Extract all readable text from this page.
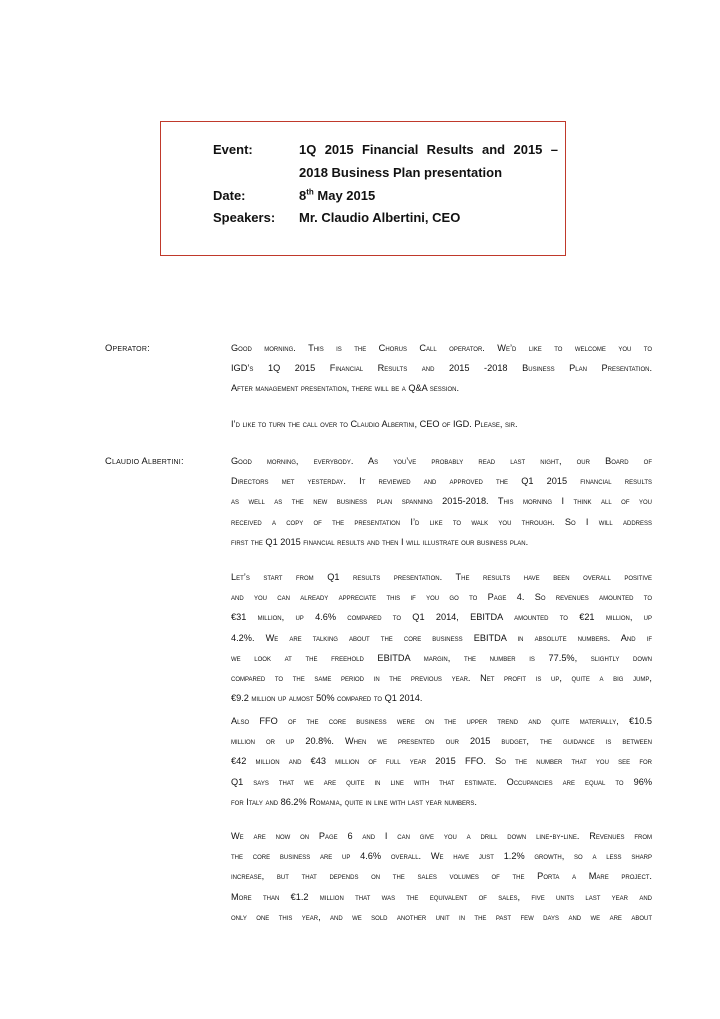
Event:	1Q 2015 Financial Results and 2015 –
2018 Business Plan presentation
Date:	8th May 2015
Speakers: Mr. Claudio Albertini, CEO
Operator:	Good morning. This is the Chorus Call operator. We’d like to welcome you to
IGD’s 1Q 2015 Financial Results and 2015 -2018 Business Plan Presentation.
After management presentation, there will be a Q&A session.
I’d like to turn the call over to Claudio Albertini, CEO of IGD. Please, sir.
Claudio Albertini:	Good morning, everybody. As you’ve probably read last night, our Board of
Directors met yesterday. It reviewed and approved the Q1 2015 financial results
as well as the new business plan spanning 2015-2018. This morning I think all of you
received a copy of the presentation I’d like to walk you through. So I will address
first the Q1 2015 financial results and then I will illustrate our business plan.
Let’s start from Q1 results presentation. The results have been overall positive
and you can already appreciate this if you go to Page 4. So revenues amounted to
€31 million, up 4.6% compared to Q1 2014, EBITDA amounted to €21 million, up
4.2%. We are talking about the core business EBITDA in absolute numbers. And if
we look at the freehold EBITDA margin, the number is 77.5%, slightly down
compared to the same period in the previous year. Net profit is up, quite a big jump,
€9.2 million up almost 50% compared to Q1 2014.
Also FFO of the core business were on the upper trend and quite materially, €10.5
million or up 20.8%. When we presented our 2015 budget, the guidance is between
€42 million and €43 million of full year 2015 FFO. So the number that you see for
Q1 says that we are quite in line with that estimate. Occupancies are equal to 96%
for Italy and 86.2% Romania, quite in line with last year numbers.
We are now on Page 6 and I can give you a drill down line-by-line. Revenues from
the core business are up 4.6% overall. We have just 1.2% growth, so a less sharp
increase, but that depends on the sales volumes of the Porta a Mare project.
More than €1.2 million that was the equivalent of sales, five units last year and
only one this year, and we sold another unit in the past few days and we are about
